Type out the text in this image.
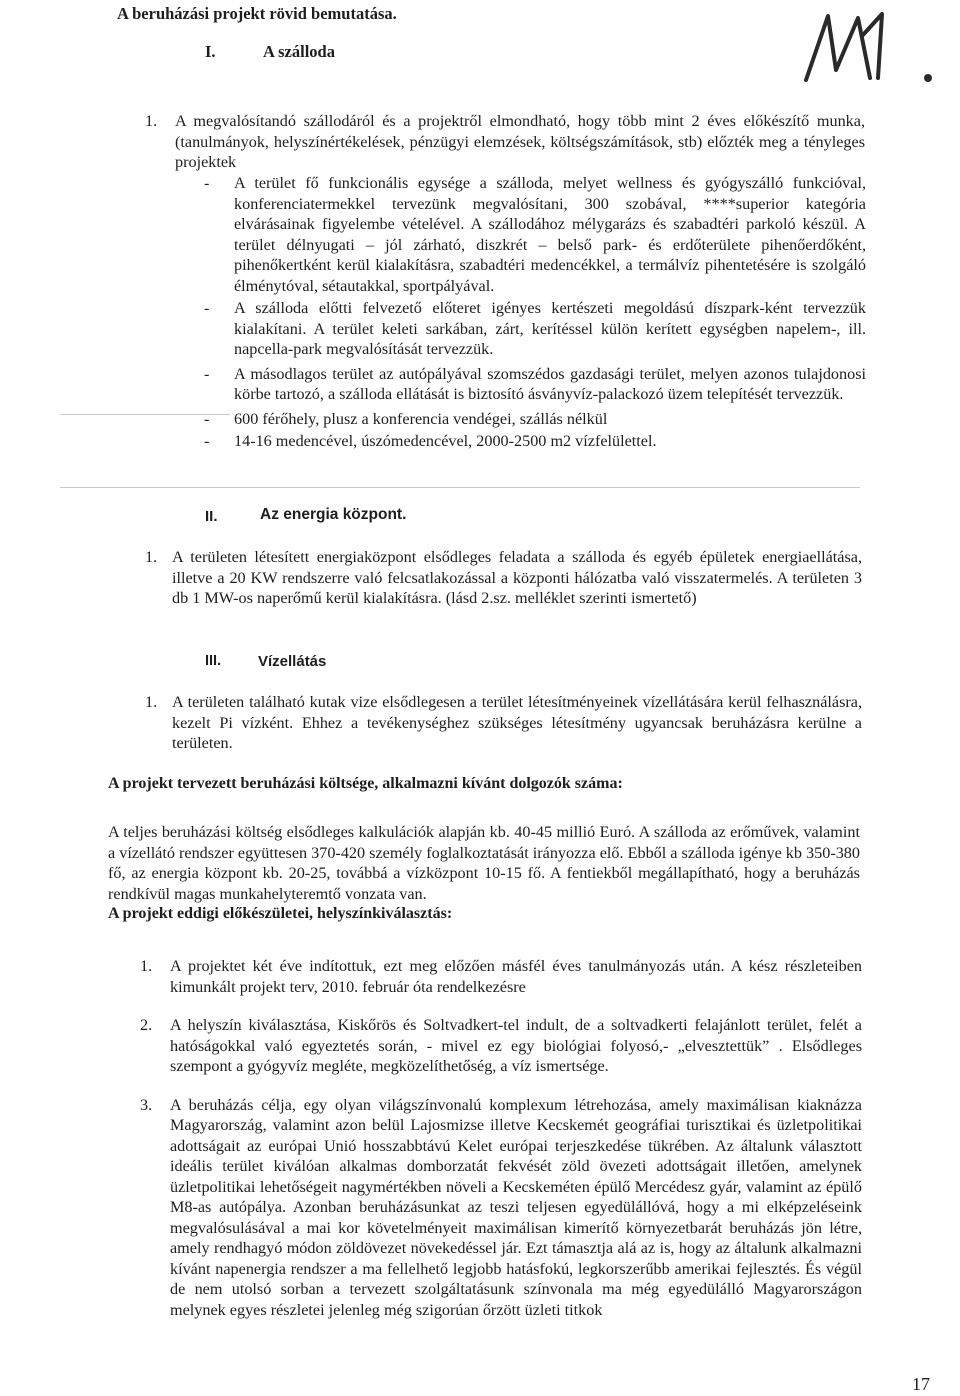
A beruházási projekt rövid bemutatása.
I.	A szálloda
1. A megvalósítandó szállodáról és a projektről elmondható, hogy több mint 2 éves előkészítő munka, (tanulmányok, helyszínértékelések, pénzügyi elemzések, költségszámítások, stb) előzték meg a tényleges projektek
-	A terület fő funkcionális egysége a szálloda, melyet wellness és gyógyszálló funkcióval, konferenciatermekkel tervezünk megvalósítani, 300 szobával, ****superior kategória elvárásainak figyelembe vételével. A szállodához mélygarázs és szabadtéri parkoló készül. A terület délnyugati – jól zárható, diszkrét – belső park- és erdőterülete pihenőerdőként, pihenőkertként kerül kialakításra, szabadtéri medencékkel, a termálvíz pihentetésére is szolgáló élménytóval, sétautakkal, sportpályával.
-	A szálloda előtti felvezető előteret igényes kertészeti megoldású díszpark-ként tervezzük kialakítani. A terület keleti sarkában, zárt, kerítéssel külön kerített egységben napelem-, ill. napcella-park megvalósítását tervezzük.
-	A másodlagos terület az autópályával szomszédos gazdasági terület, melyen azonos tulajdonosi körbe tartozó, a szálloda ellátását is biztosító ásványvíz-palackozó üzem telepítését tervezzük.
-	600 férőhely, plusz a konferencia vendégei, szállás nélkül
-	14-16 medencével, úszómedencével, 2000-2500 m2 vízfelülettel.
II.	Az energia központ.
1. A területen létesített energiaközpont elsődleges feladata a szálloda és egyéb épületek energiaellátása, illetve a 20 KW rendszerre való felcsatlakozással a központi hálózatba való visszatermelés. A területen 3 db 1 MW-os naperőmű kerül kialakításra. (lásd 2.sz. melléklet szerinti ismertető)
III. Vízellátás
1. A területen található kutak vize elsődlegesen a terület létesítményeinek vízellátására kerül felhasználásra, kezelt Pi vízként. Ehhez a tevékenységhez szükséges létesítmény ugyancsak beruházásra kerülne a területen.
A projekt tervezett beruházási költsége, alkalmazni kívánt dolgozók száma:
A teljes beruházási költség elsődleges kalkulációk alapján kb. 40-45 millió Euró. A szálloda az erőművek, valamint a vízellátó rendszer együttesen 370-420 személy foglalkoztatását irányozza elő. Ebből a szálloda igénye kb 350-380 fő, az energia központ kb. 20-25, továbbá a vízközpont 10-15 fő. A fentiekből megállapítható, hogy a beruházás rendkívül magas munkahelyteremtő vonzata van.
A projekt eddigi előkészületei, helyszínkiválasztás:
1.	A projektet két éve indítottuk, ezt meg előzően másfél éves tanulmányozás után. A kész részleteiben kimunkált projekt terv, 2010. február óta rendelkezésre
2.	A helyszín kiválasztása, Kiskőrös és Soltvadkert-tel indult, de a soltvadkerti felajánlott terület, felét a hatóságokkal való egyeztetés során, - mivel ez egy biológiai folyosó,- „elvesztettük” . Elsődleges szempont a gyógyvíz megléte, megközelíthetőség, a víz ismertsége.
3.	A beruházás célja, egy olyan világszínvonalú komplexum létrehozása, amely maximálisan kiaknázza Magyarország, valamint azon belül Lajosmizse illetve Kecskemét geográfiai turisztikai és üzletpolitikai adottságait az európai Unió hosszabbtávú Kelet európai terjeszkedése tükrében. Az általunk választott ideális terület kiválóan alkalmas domborzatát fekvését zöld övezeti adottságait illetően, amelynek üzletpolitikai lehetőségeit nagymértékben növeli a Kecskeméten épülő Mercédesz gyár, valamint az épülő M8-as autópálya. Azonban beruházásunkat az teszi teljesen egyedülállóvá, hogy a mi elképzeléseink megvalósulásával a mai kor követelményeit maximálisan kimerítő környezetbarát beruházás jön létre, amely rendhagyó módon zöldövezet növekedéssel jár. Ezt támasztja alá az is, hogy az általunk alkalmazni kívánt napenergia rendszer a ma fellelhető legjobb hatásfokú, legkorszerűbb amerikai fejlesztés. És végül de nem utolsó sorban a tervezett szolgáltatásunk színvonala ma még egyedülálló Magyarországon melynek egyes részletei jelenleg még szigorúan őrzött üzleti titkok
17
